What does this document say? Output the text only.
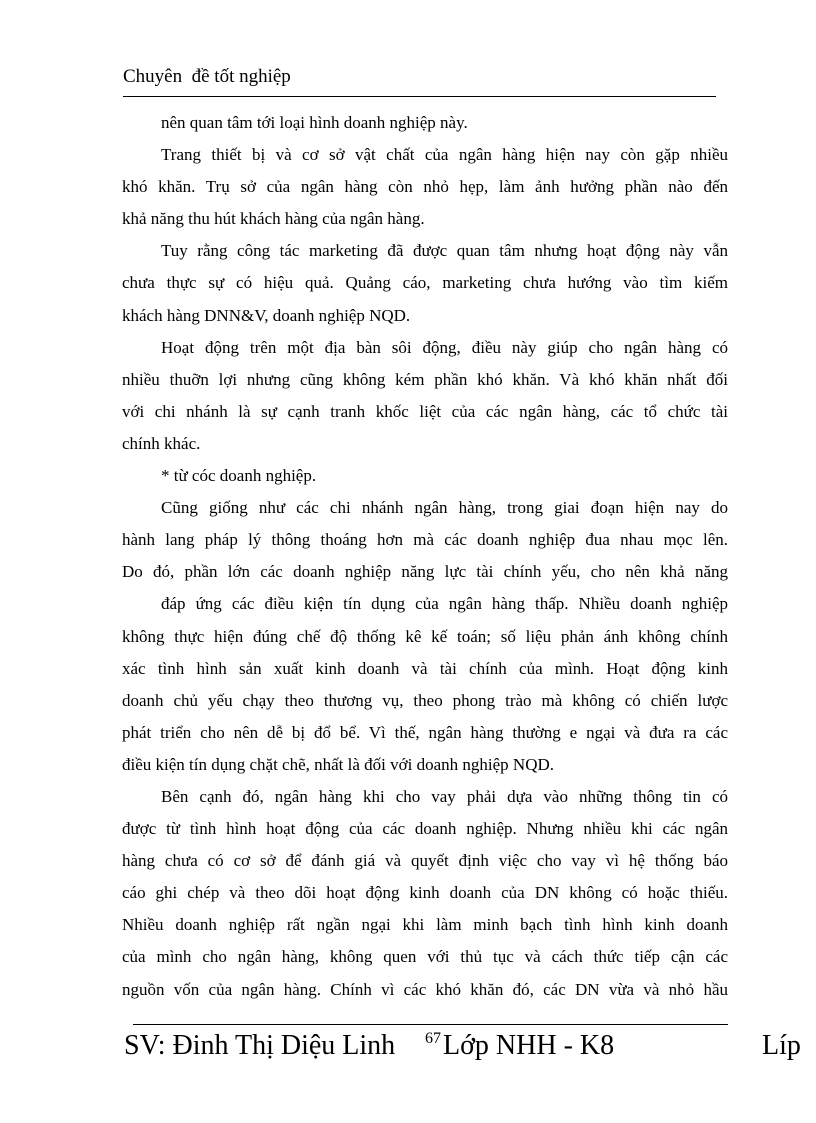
Chuyên  đề tốt nghiệp
nên quan tâm tới loại hình doanh nghiệp này.
Trang thiết bị và cơ sở vật chất của ngân hàng hiện nay còn gặp nhiều
khó khăn. Trụ sở của ngân hàng còn nhỏ hẹp, làm ảnh hưởng phần nào đến
khả năng thu hút khách hàng của ngân hàng.
Tuy rằng công tác marketing đã được quan tâm nhưng hoạt động này vẫn
chưa thực sự có hiệu quả. Quảng cáo, marketing chưa hướng vào tìm kiếm
khách hàng DNN&V, doanh nghiệp NQD.
Hoạt động trên một địa bàn sôi động, điều này giúp cho ngân hàng có
nhiều thuỡn lợi nhưng cũng không kém phần khó khăn. Và khó khăn nhất đối
với chi nhánh là sự cạnh tranh khốc liệt của các ngân hàng, các tổ chức tài
chính khác.
* từ cóc doanh nghiệp.
Cũng giống như các chi nhánh ngân hàng, trong giai đoạn hiện nay do
hành lang pháp lý thông thoáng hơn mà các doanh nghiệp đua nhau mọc lên.
Do đó, phần lớn các doanh nghiệp năng lực tài chính yếu, cho nên khả năng
đáp ứng các điều kiện tín dụng của ngân hàng thấp. Nhiều doanh nghiệp
không thực hiện đúng chế độ thống kê kế toán; số liệu phản ánh không chính
xác tình hình sản xuất kinh doanh và tài chính của mình. Hoạt động kinh
doanh chủ yếu chạy theo thương vụ, theo phong trào mà không có chiến lược
phát triển cho nên dễ bị đổ bể. Vì thế, ngân hàng thường e ngại và đưa ra các
điều kiện tín dụng chặt chẽ, nhất là đối với doanh nghiệp NQD.
Bên cạnh đó, ngân hàng khi cho vay phải dựa vào những thông tin có
được từ tình hình hoạt động của các doanh nghiệp. Nhưng nhiều khi các ngân
hàng chưa có cơ sở để đánh giá và quyết định việc cho vay vì hệ thống báo
cáo ghi chép và theo dõi hoạt động kinh doanh của DN không có hoặc thiếu.
Nhiều doanh nghiệp rất ngần ngại khi làm minh bạch tình hình kinh doanh
của mình cho ngân hàng, không quen với thủ tục và cách thức tiếp cận các
nguồn vốn của ngân hàng. Chính vì các khó khăn đó, các DN vừa và nhỏ hầu
SV: Đinh Thị Diệu Linh 67 Lớp NHH - K8	Líp
